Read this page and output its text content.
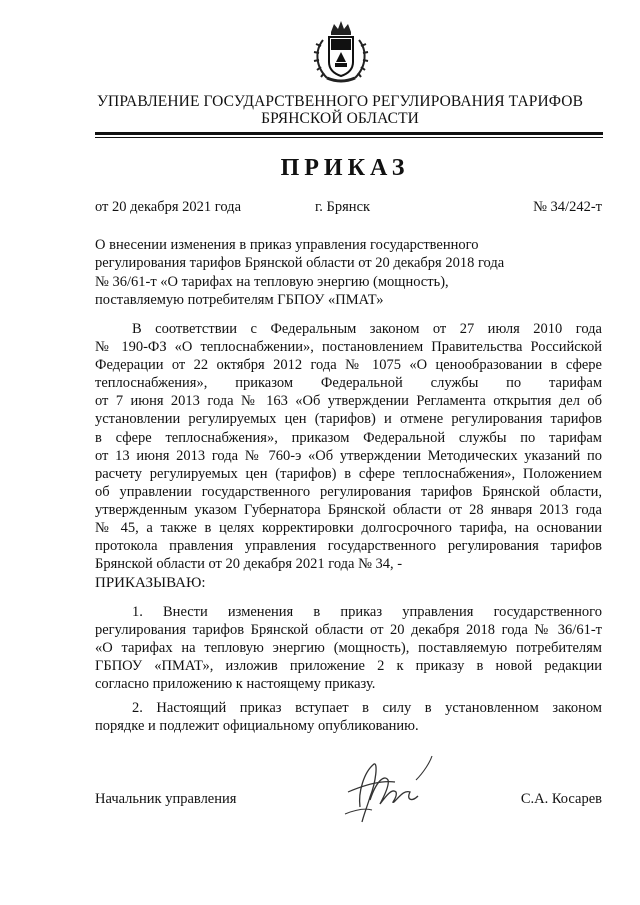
УПРАВЛЕНИЕ ГОСУДАРСТВЕННОГО РЕГУЛИРОВАНИЯ ТАРИФОВ
БРЯНСКОЙ ОБЛАСТИ
ПРИКАЗ
от 20 декабря 2021 года	г. Брянск	№ 34/242-т
О внесении изменения в приказ управления государственного
регулирования тарифов Брянской области от 20 декабря 2018 года
№ 36/61-т «О тарифах на тепловую энергию (мощность),
поставляемую потребителям ГБПОУ «ПМАТ»
В соответствии с Федеральным законом от 27 июля 2010 года
№ 190-ФЗ «О теплоснабжении», постановлением Правительства Российской
Федерации от 22 октября 2012 года № 1075 «О ценообразовании в сфере
теплоснабжения», приказом Федеральной службы по тарифам
от 7 июня 2013 года № 163 «Об утверждении Регламента открытия дел об
установлении регулируемых цен (тарифов) и отмене регулирования тарифов
в сфере теплоснабжения», приказом Федеральной службы по тарифам
от 13 июня 2013 года № 760-э «Об утверждении Методических указаний по
расчету регулируемых цен (тарифов) в сфере теплоснабжения», Положением
об управлении государственного регулирования тарифов Брянской области,
утвержденным указом Губернатора Брянской области от 28 января 2013 года
№ 45, а также в целях корректировки долгосрочного тарифа, на основании
протокола правления управления государственного регулирования тарифов
Брянской области от 20 декабря 2021 года № 34, -
ПРИКАЗЫВАЮ:
1. Внести изменения в приказ управления государственного
регулирования тарифов Брянской области от 20 декабря 2018 года № 36/61-т
«О тарифах на тепловую энергию (мощность), поставляемую потребителям
ГБПОУ «ПМАТ», изложив приложение 2 к приказу в новой редакции
согласно приложению к настоящему приказу.
2. Настоящий приказ вступает в силу в установленном законом
порядке и подлежит официальному опубликованию.
Начальник управления	С.А. Косарев
